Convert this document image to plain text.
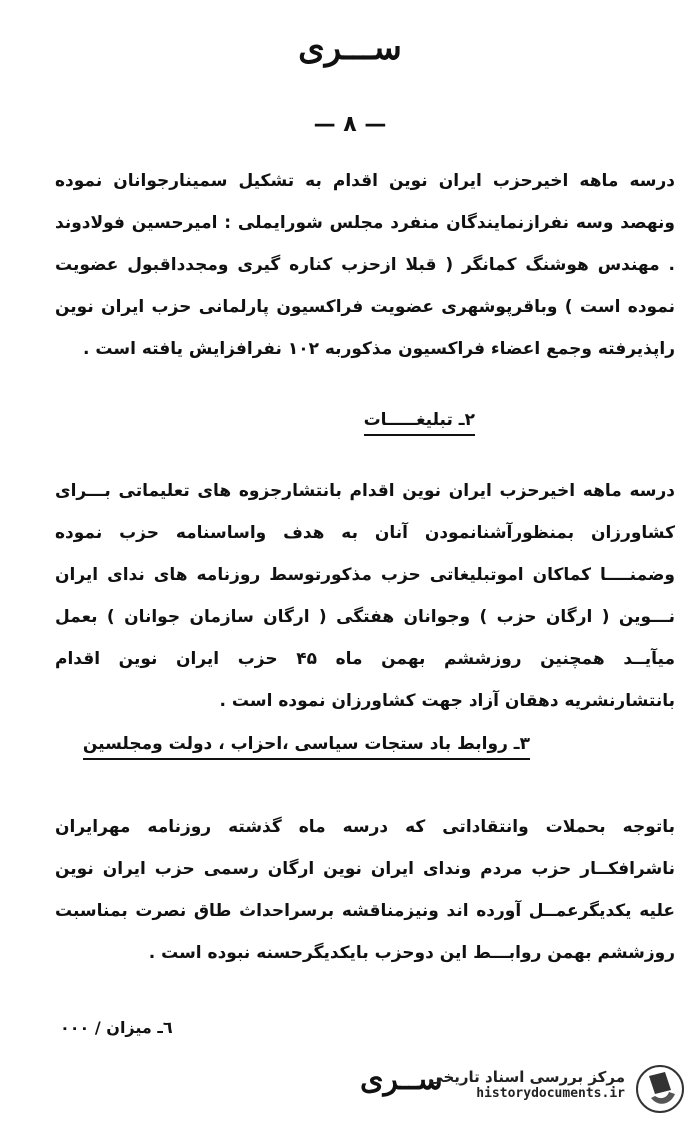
ســـرى
— ٨ —
درسه ماهه اخیرحزب ایران نوین اقدام به تشکیل سمینارجوانان نموده ونهصد وسه نفرازنمایندگان منفرد مجلس شورایملی : امیرحسین فولادوند . مهندس هوشنگ کمانگر ( قبلا ازحزب کناره گیری ومجدداقبول عضویت نموده است ) وباقرپوشهری عضویت فراکسیون پارلمانی حزب ایران نوین راپذیرفته وجمع اعضاء فراکسیون مذکوربه ۱۰۲ نفرافزایش یافته است .
۲ـ تبلیغـــــات
درسه ماهه اخیرحزب ایران نوین اقدام بانتشارجزوه های تعلیماتی بـــرای کشاورزان بمنظورآشنانمودن آنان به هدف واساسنامه حزب نموده وضمنــــا کماکان اموتبلیغاتی حزب مذکورتوسط روزنامه های ندای ایران نـــوین ( ارگان حزب ) وجوانان هفتگی ( ارگان سازمان جوانان ) بعمل میآیــد همچنین روزششم بهمن ماه ۴۵ حزب ایران نوین اقدام بانتشارنشریه دهقان آزاد جهت کشاورزان نموده است .
۳ـ روابط باد ستجات سیاسی ،احزاب ، دولت ومجلسین
باتوجه بحملات وانتقاداتی که درسه ماه گذشته روزنامه مهرایران ناشرافکــار حزب مردم وندای ایران نوین ارگان رسمی حزب ایران نوین علیه یکدیگرعمــل آورده اند ونیزمناقشه برسراحداث طاق نصرت بمناسبت روزششم بهمن روابـــط این دوحزب بایکدیگرحسنه نبوده است .
٦ـ میزان / ٠٠٠
ســرى
مرکز بررسی اسناد تاریخی
historydocuments.ir
